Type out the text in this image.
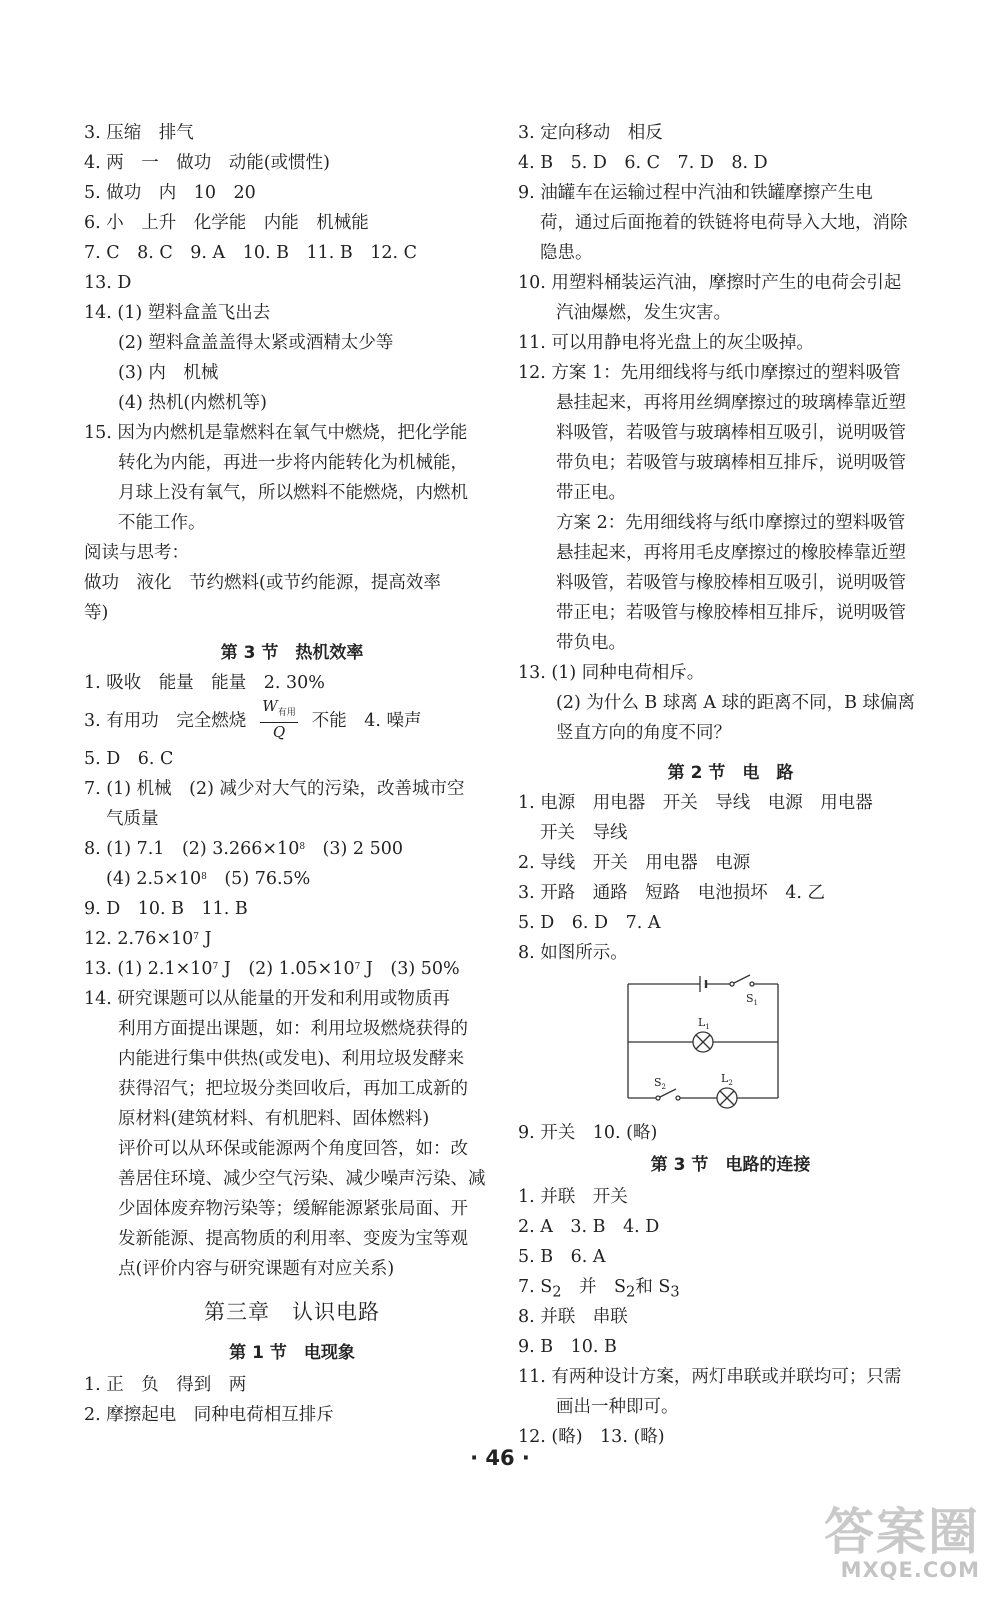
3. 压缩　排气
4. 两　一　做功　动能(或惯性)
5. 做功　内　10　20
6. 小　上升　化学能　内能　机械能
7. C　8. C　9. A　10. B　11. B　12. C
13. D
14. (1) 塑料盒盖飞出去
(2) 塑料盒盖盖得太紧或酒精太少等
(3) 内　机械
(4) 热机(内燃机等)
15. 因为内燃机是靠燃料在氧气中燃烧，把化学能
转化为内能，再进一步将内能转化为机械能，
月球上没有氧气，所以燃料不能燃烧，内燃机
不能工作。
阅读与思考：
做功　液化　节约燃料(或节约能源，提高效率
等)
第 3 节　热机效率
1. 吸收　能量　能量　2. 30%
3. 有用功　完全燃烧 $\frac{W_{有用}}{Q}$ 不能　4. 噪声
5. D　6. C
7. (1) 机械　(2) 减少对大气的污染，改善城市空
气质量
8. (1) 7.1　(2) $3.266\times 10^8$　(3) 2 500
(4) $2.5\times 10^8$　(5) 76.5%
9. D　10. B　11. B
12. $2.76\times 10^7$ J
13. (1) $2.1\times 10^7$ J　(2) $1.05\times 10^7$ J　(3) 50%
14. 研究课题可以从能量的开发和利用或物质再
利用方面提出课题，如：利用垃圾燃烧获得的
内能进行集中供热(或发电)、利用垃圾发酵来
获得沼气；把垃圾分类回收后，再加工成新的
原材料(建筑材料、有机肥料、固体燃料)
评价可以从环保或能源两个角度回答，如：改
善居住环境、减少空气污染、减少噪声污染、减
少固体废弃物污染等；缓解能源紧张局面、开
发新能源、提高物质的利用率、变废为宝等观
点(评价内容与研究课题有对应关系)
第三章　认识电路
第 1 节　电现象
1. 正　负　得到　两
2. 摩擦起电　同种电荷相互排斥
3. 定向移动　相反
4. B　5. D　6. C　7. D　8. D
9. 油罐车在运输过程中汽油和铁罐摩擦产生电
荷，通过后面拖着的铁链将电荷导入大地，消除
隐患。
10. 用塑料桶装运汽油，摩擦时产生的电荷会引起
汽油爆燃，发生灾害。
11. 可以用静电将光盘上的灰尘吸掉。
12. 方案 1：先用细线将与纸巾摩擦过的塑料吸管
悬挂起来，再将用丝绸摩擦过的玻璃棒靠近塑
料吸管，若吸管与玻璃棒相互吸引，说明吸管
带负电；若吸管与玻璃棒相互排斥，说明吸管
带正电。
方案 2：先用细线将与纸巾摩擦过的塑料吸管
悬挂起来，再将用毛皮摩擦过的橡胶棒靠近塑
料吸管，若吸管与橡胶棒相互吸引，说明吸管
带正电；若吸管与橡胶棒相互排斥，说明吸管
带负电。
13. (1) 同种电荷相斥。
(2) 为什么 B 球离 A 球的距离不同，B 球偏离
竖直方向的角度不同？
第 2 节　电　路
1. 电源　用电器　开关　导线　电源　用电器
开关　导线
2. 导线　开关　用电器　电源
3. 开路　通路　短路　电池损坏　4. 乙
5. D　6. D　7. A
8. 如图所示。
$S_1$
$L_1$
$S_2$
$L_2$
9. 开关　10. (略)
第 3 节　电路的连接
1. 并联　开关
2. A　3. B　4. D
5. B　6. A
7. $S_2$　并　$S_2$和 $S_3$
8. 并联　串联
9. B　10. B
11. 有两种设计方案，两灯串联或并联均可；只需
画出一种即可。
12. (略)　13. (略)
· 46 ·
答案圈
MXQE.COM
